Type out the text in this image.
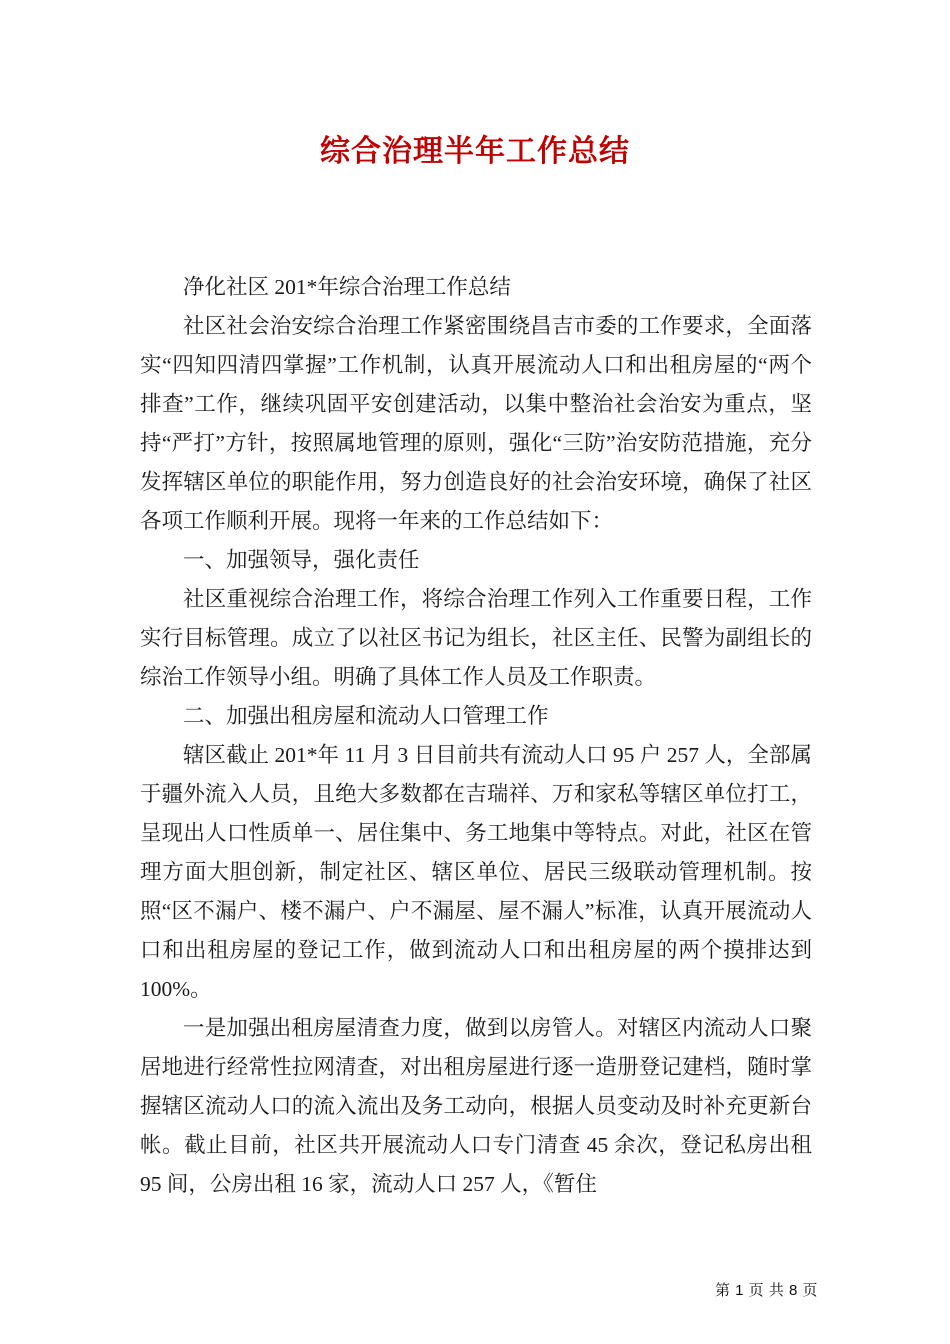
综合治理半年工作总结

净化社区 201*年综合治理工作总结

社区社会治安综合治理工作紧密围绕昌吉市委的工作要求，全面落实“四知四清四掌握”工作机制，认真开展流动人口和出租房屋的“两个排查”工作，继续巩固平安创建活动，以集中整治社会治安为重点，坚持“严打”方针，按照属地管理的原则，强化“三防”治安防范措施，充分发挥辖区单位的职能作用，努力创造良好的社会治安环境，确保了社区各项工作顺利开展。现将一年来的工作总结如下：

一、加强领导，强化责任

社区重视综合治理工作，将综合治理工作列入工作重要日程，工作实行目标管理。成立了以社区书记为组长，社区主任、民警为副组长的综治工作领导小组。明确了具体工作人员及工作职责。

二、加强出租房屋和流动人口管理工作

辖区截止 201*年 11 月 3 日目前共有流动人口 95 户 257 人，全部属于疆外流入人员，且绝大多数都在吉瑞祥、万和家私等辖区单位打工，呈现出人口性质单一、居住集中、务工地集中等特点。对此，社区在管理方面大胆创新，制定社区、辖区单位、居民三级联动管理机制。按照“区不漏户、楼不漏户、户不漏屋、屋不漏人”标准，认真开展流动人口和出租房屋的登记工作，做到流动人口和出租房屋的两个摸排达到 100%。

一是加强出租房屋清查力度，做到以房管人。对辖区内流动人口聚居地进行经常性拉网清查，对出租房屋进行逐一造册登记建档，随时掌握辖区流动人口的流入流出及务工动向，根据人员变动及时补充更新台帐。截止目前，社区共开展流动人口专门清查 45 余次，登记私房出租 95 间，公房出租 16 家，流动人口 257 人，《暂住

第 1 页 共 8 页
